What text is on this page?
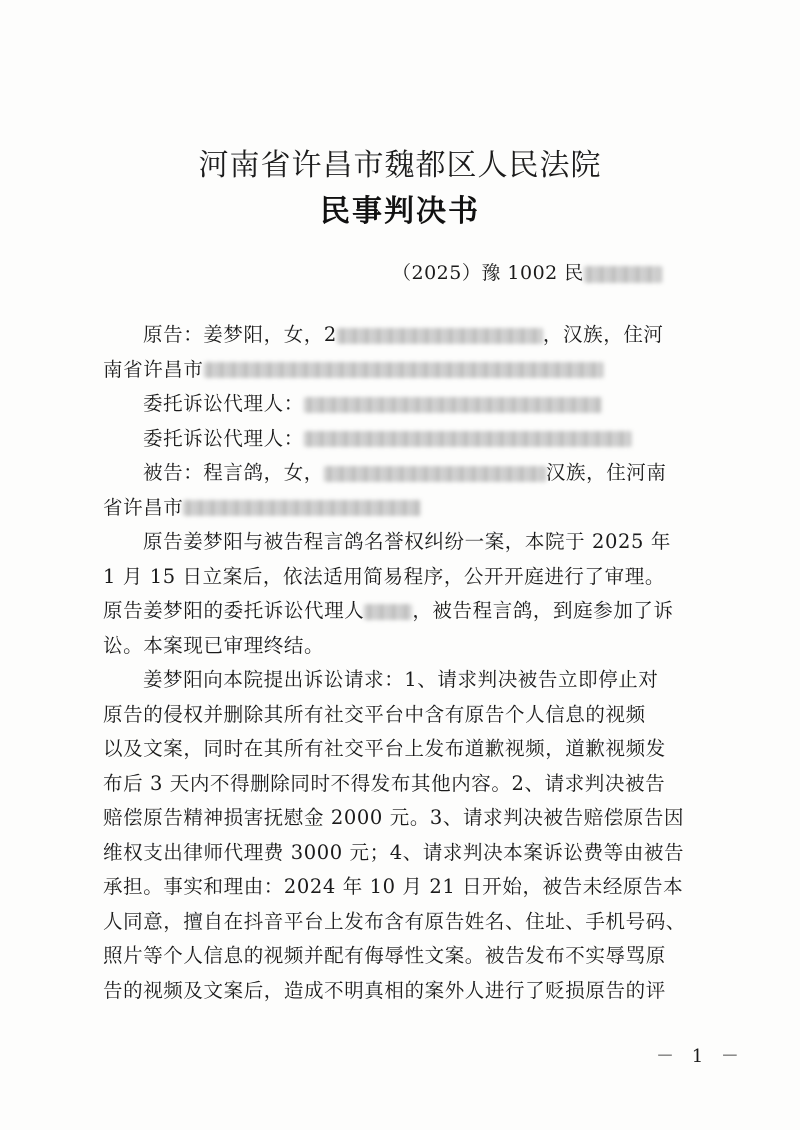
河南省许昌市魏都区人民法院
民事判决书
（2025）豫 1002 民
原告：姜梦阳，女，2	，汉族，住河
南省许昌市
委托诉讼代理人：
委托诉讼代理人：
被告：程言鸽，女，	汉族，住河南
省许昌市
原告姜梦阳与被告程言鸽名誉权纠纷一案，本院于 2025 年
1 月 15 日立案后，依法适用简易程序，公开开庭进行了审理。
原告姜梦阳的委托诉讼代理人 ，被告程言鸽，到庭参加了诉
讼。本案现已审理终结。
姜梦阳向本院提出诉讼请求：1、请求判决被告立即停止对
原告的侵权并删除其所有社交平台中含有原告个人信息的视频
以及文案，同时在其所有社交平台上发布道歉视频，道歉视频发
布后 3 天内不得删除同时不得发布其他内容。2、请求判决被告
赔偿原告精神损害抚慰金 2000 元。3、请求判决被告赔偿原告因
维权支出律师代理费 3000 元；4、请求判决本案诉讼费等由被告
承担。事实和理由：2024 年 10 月 21 日开始，被告未经原告本
人同意，擅自在抖音平台上发布含有原告姓名、住址、手机号码、
照片等个人信息的视频并配有侮辱性文案。被告发布不实辱骂原
告的视频及文案后，造成不明真相的案外人进行了贬损原告的评
－ 1 －
